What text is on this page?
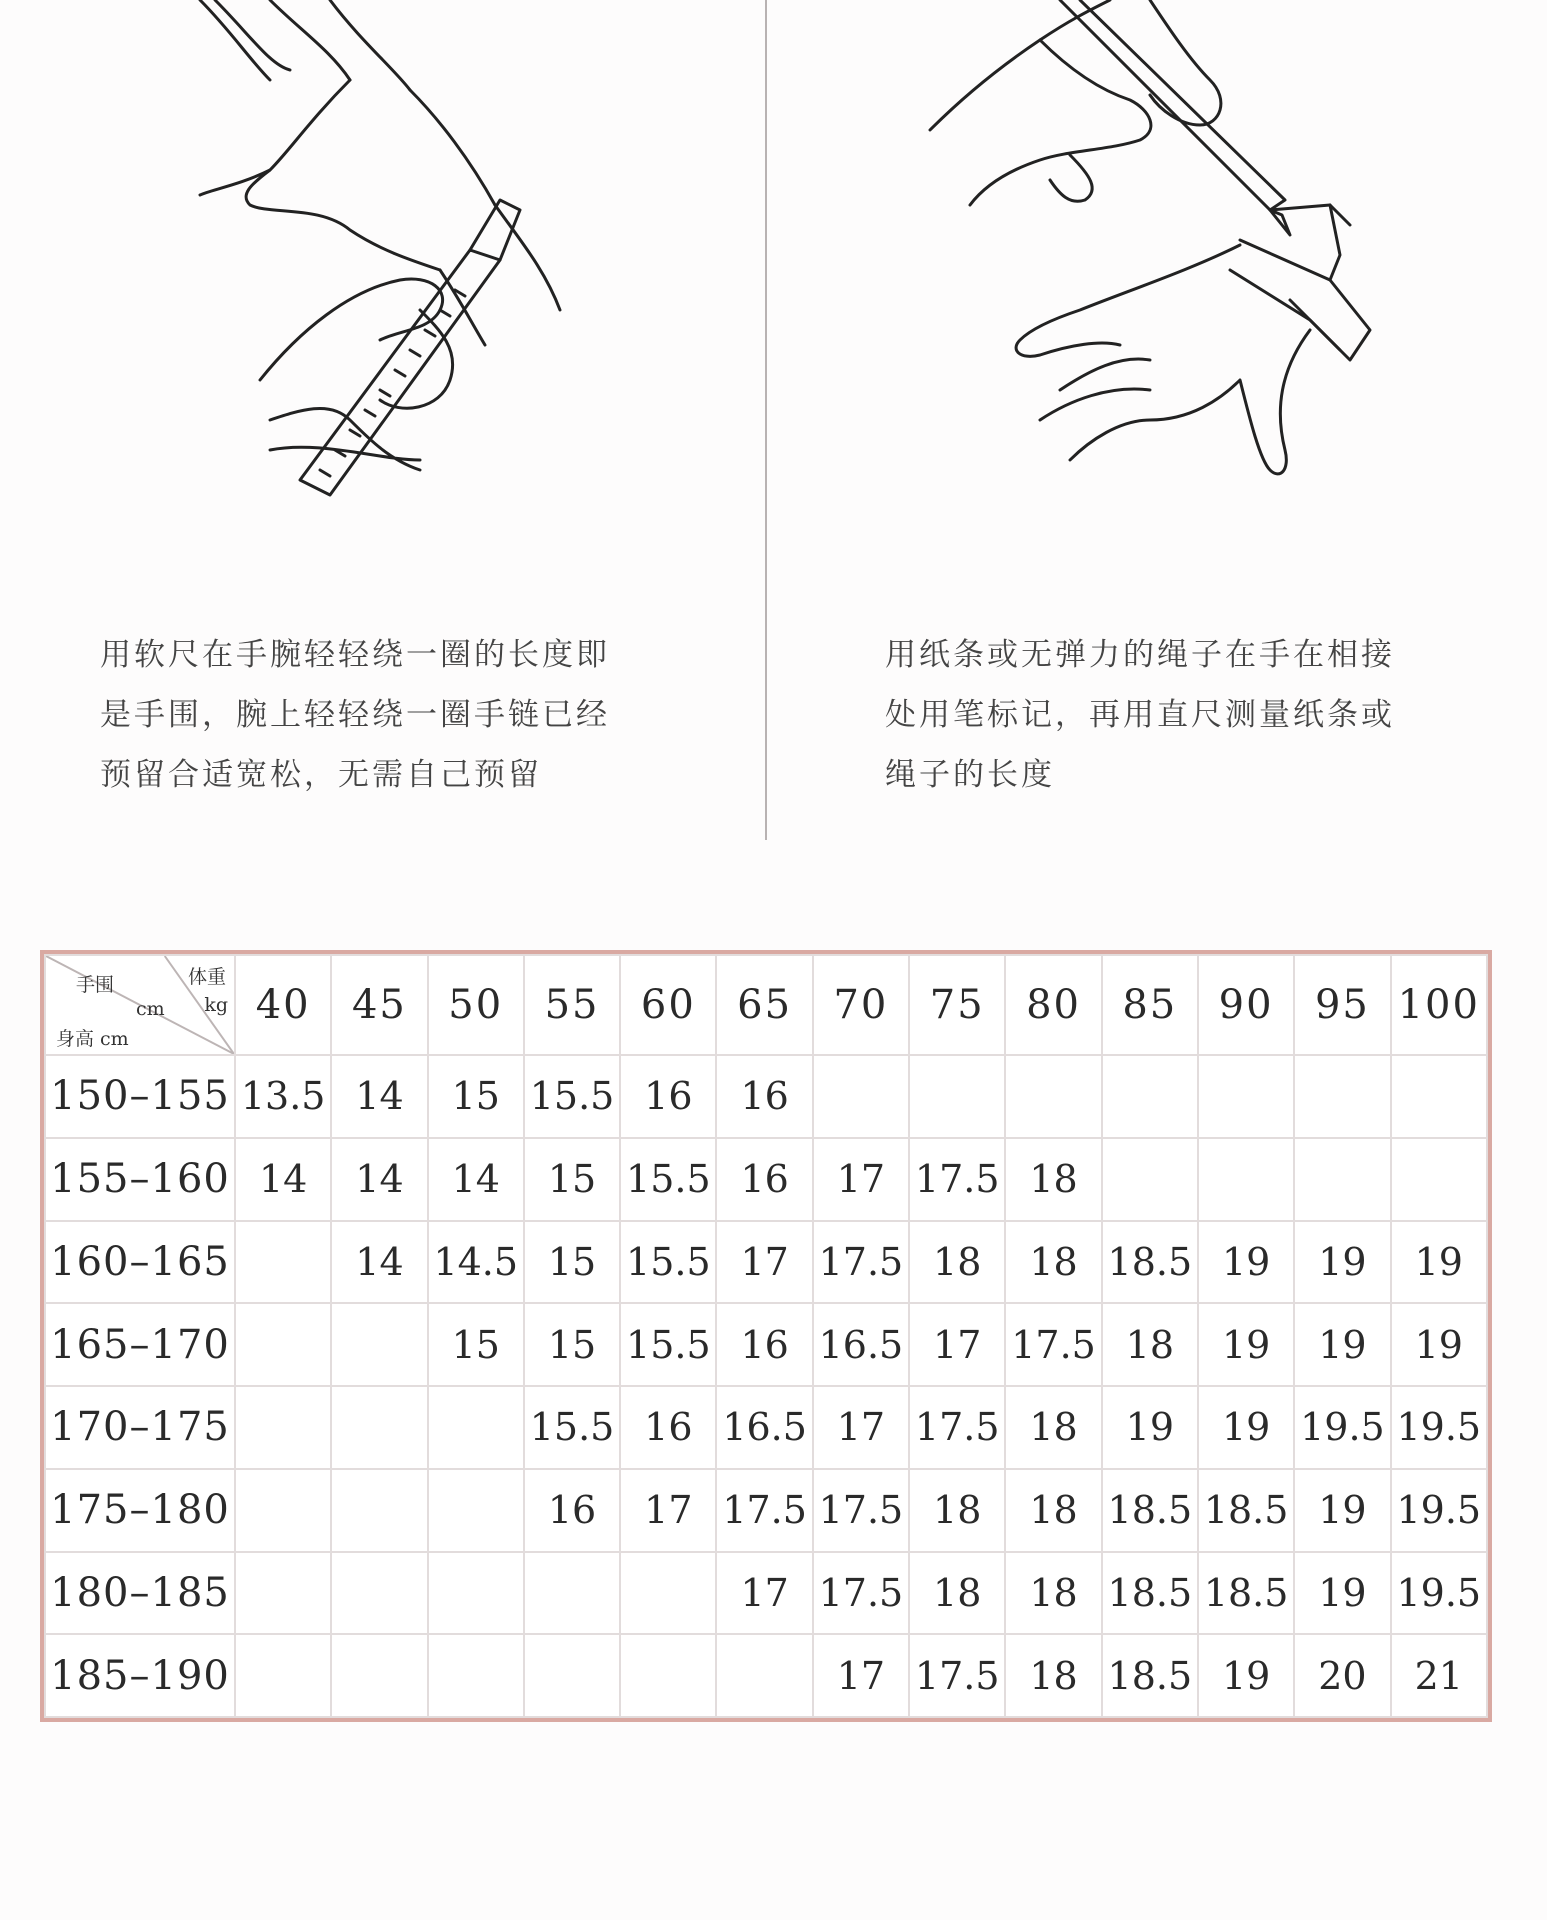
用软尺在手腕轻轻绕一圈的长度即
是手围，腕上轻轻绕一圈手链已经
预留合适宽松，无需自己预留
用纸条或无弹力的绳子在手在相接
处用笔标记，再用直尺测量纸条或
绳子的长度
手围 体重
cm kg
身高 cm	40	45	50	55	60	65	70	75	80	85	90	95	100
150–155	13.5	14	15	15.5	16	16							
155–160	14	14	14	15	15.5	16	17	17.5	18				
160–165		14	14.5	15	15.5	17	17.5	18	18	18.5	19	19	19
165–170			15	15	15.5	16	16.5	17	17.5	18	19	19	19
170–175				15.5	16	16.5	17	17.5	18	19	19	19.5	19.5
175–180				16	17	17.5	17.5	18	18	18.5	18.5	19	19.5
180–185						17	17.5	18	18	18.5	18.5	19	19.5
185–190							17	17.5	18	18.5	19	20	21
